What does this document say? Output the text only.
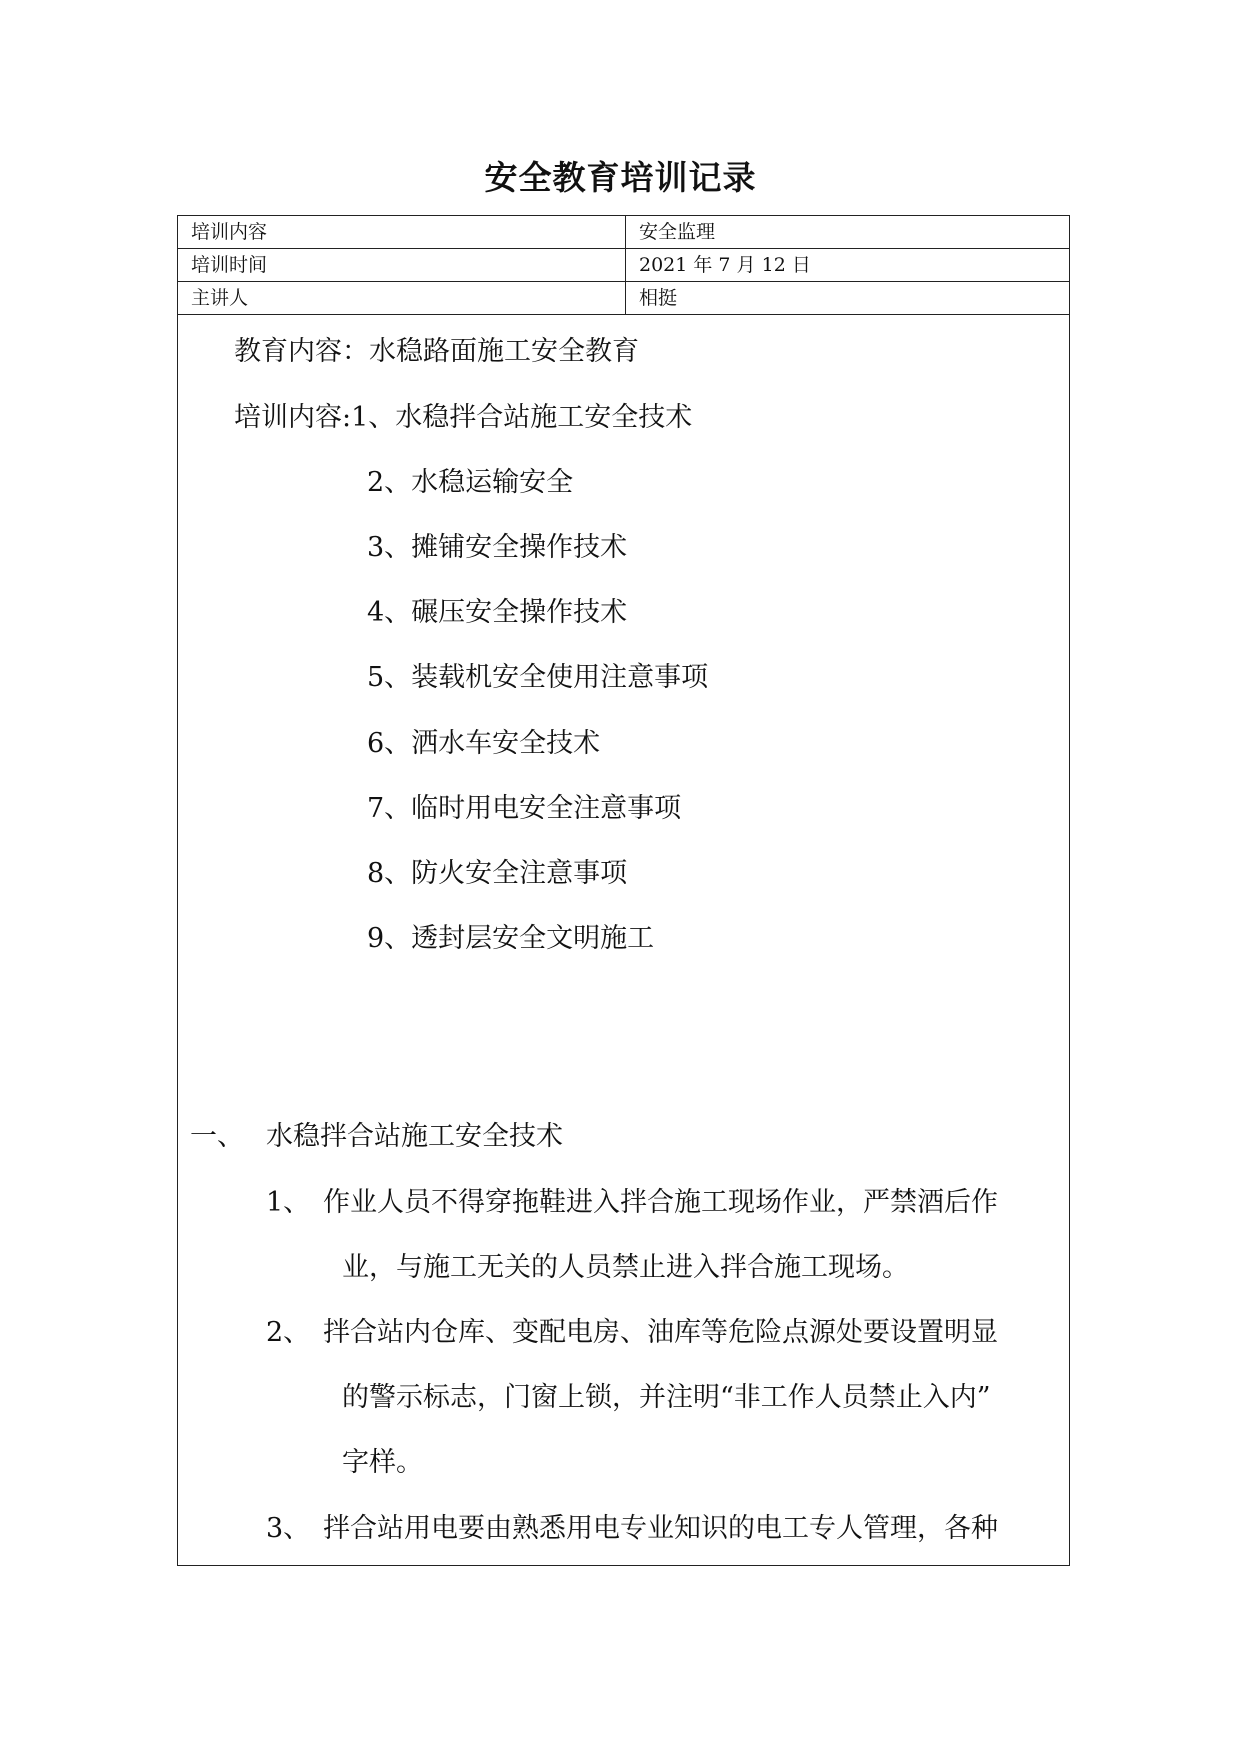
安全教育培训记录
培训内容	安全监理
培训时间	2021 年 7 月 12 日
主讲人	相挺
教育内容：水稳路面施工安全教育
培训内容:1、水稳拌合站施工安全技术
2、水稳运输安全
3、摊铺安全操作技术
4、碾压安全操作技术
5、装载机安全使用注意事项
6、洒水车安全技术
7、临时用电安全注意事项
8、防火安全注意事项
9、透封层安全文明施工
一、 水稳拌合站施工安全技术
1、 作业人员不得穿拖鞋进入拌合施工现场作业，严禁酒后作
业，与施工无关的人员禁止进入拌合施工现场。
2、 拌合站内仓库、变配电房、油库等危险点源处要设置明显
的警示标志，门窗上锁，并注明“非工作人员禁止入内”
字样。
3、 拌合站用电要由熟悉用电专业知识的电工专人管理，各种
